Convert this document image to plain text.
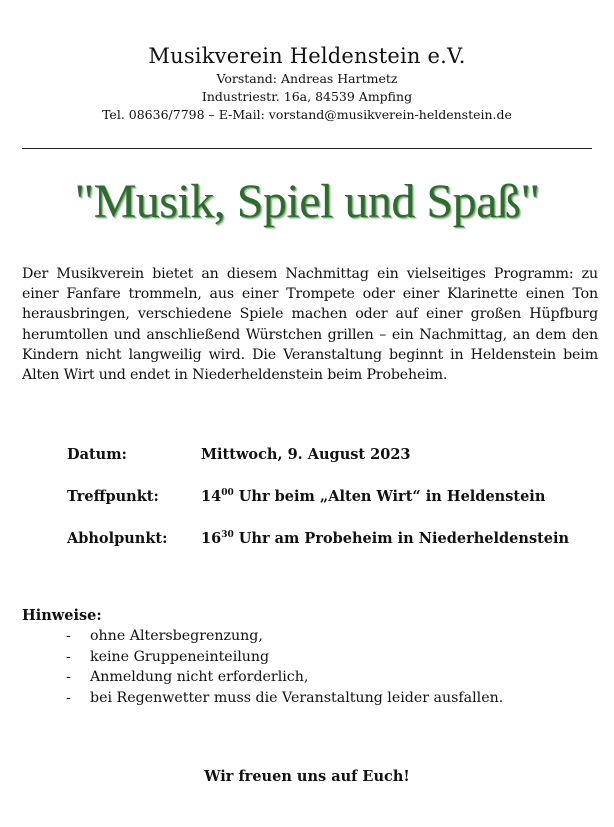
Musikverein Heldenstein e.V.
Vorstand: Andreas Hartmetz
Industriestr. 16a, 84539 Ampfing
Tel. 08636/7798 – E-Mail: vorstand@musikverein-heldenstein.de
"Musik, Spiel und Spaß"
Der Musikverein bietet an diesem Nachmittag ein vielseitiges Programm: zu einer Fanfare trommeln, aus einer Trompete oder einer Klarinette einen Ton herausbringen, verschiedene Spiele machen oder auf einer großen Hüpfburg herumtollen und anschließend Würstchen grillen – ein Nachmittag, an dem den Kindern nicht langweilig wird. Die Veranstaltung beginnt in Heldenstein beim Alten Wirt und endet in Niederheldenstein beim Probeheim.
Datum:	Mittwoch, 9. August 2023
Treffpunkt:	$14^{00}$ Uhr beim „Alten Wirt“ in Heldenstein
Abholpunkt: $16^{30}$ Uhr am Probeheim in Niederheldenstein
Hinweise:
- ohne Altersbegrenzung,
- keine Gruppeneinteilung
- Anmeldung nicht erforderlich,
- bei Regenwetter muss die Veranstaltung leider ausfallen.
Wir freuen uns auf Euch!
